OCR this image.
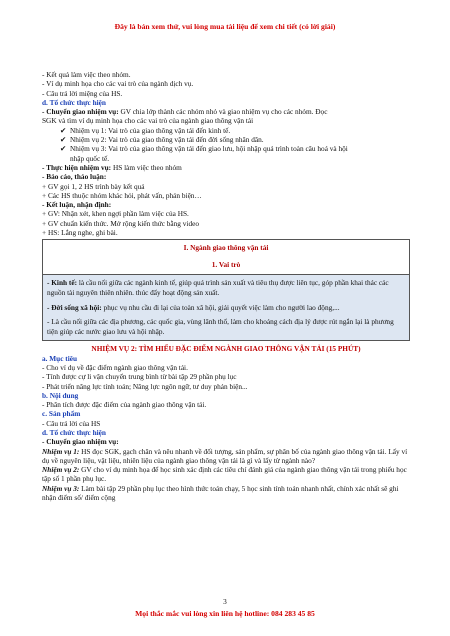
Đây là bản xem thử, vui lòng mua tài liệu để xem chi tiết (có lời giải)
- Kết quả làm việc theo nhóm.
- Ví dụ minh họa cho các vai trò của ngành dịch vụ.
- Câu trả lời miệng của HS.
d. Tổ chức thực hiện
- Chuyển giao nhiệm vụ: GV chia lớp thành các nhóm nhỏ và giao nhiệm vụ cho các nhóm. Đọc
SGK và tìm ví dụ minh họa cho các vai trò của ngành giao thông vận tải
✔ Nhiệm vụ 1: Vai trò của giao thông vận tải đến kinh tế.
✔ Nhiệm vụ 2: Vai trò của giao thông vận tải đến đời sống nhân dân.
✔ Nhiệm vụ 3: Vai trò của giao thông vận tải đến giao lưu, hội nhập quả trình toàn câu hoá và hội
nhập quốc tế.
- Thực hiện nhiệm vụ: HS làm việc theo nhóm
- Báo cáo, thảo luận:
+ GV gọi 1, 2 HS trình bày kết quả
+ Các HS thuộc nhóm khác hỏi, phát vấn, phản biện…
- Kết luận, nhận định:
+ GV: Nhận xét, khen ngợi phần làm việc của HS.
+ GV chuẩn kiến thức. Mở rộng kiến thức bằng video
+ HS: Lắng nghe, ghi bài.
I. Ngành giao thông vận tải
1. Vai trò

- Kinh tế: là cầu nối giữa các ngành kinh tế, giúp quá trình sản xuất và tiêu thụ được liên tục, góp phần khai thác các nguồn tài nguyên thiên nhiên. thúc đẩy hoạt động sản xuất.

- Đời sống xã hội: phục vụ nhu cầu đi lại của toàn xã hội, giải quyết việc làm cho người lao động,...

- Là cầu nối giữa các địa phương, các quốc gia, vùng lãnh thổ, làm cho khoảng cách địa lý được rút ngắn lại là phương tiện giúp các nước giao lưu và hội nhập.

NHIỆM VỤ 2: TÌM HIỂU ĐẶC ĐIỂM NGÀNH GIAO THÔNG VẬN TẢI (15 PHÚT)
a. Mục tiêu
- Cho ví dụ về đặc điểm ngành giao thông vận tải.
- Tính được cự li vận chuyển trung bình từ bài tập 29 phần phụ lục
- Phát triển năng lực tính toán; Năng lực ngôn ngữ, tư duy phản biện...
b. Nội dung
- Phân tích được đặc điểm của ngành giao thông vận tải.
c. Sản phẩm
- Câu trả lời của HS
d. Tổ chức thực hiện
- Chuyển giao nhiệm vụ:
Nhiệm vụ 1: HS đọc SGK, gạch chân và nêu nhanh về đối tượng, sản phẩm, sự phân bố của ngành giao thông vận tải. Lấy ví dụ về nguyên liệu, vật liệu, nhiên liệu của ngành giao thông vận tải là gì và lấy từ ngành nào?
Nhiệm vụ 2: GV cho ví dụ minh họa để học sinh xác định các tiêu chí đánh giá của ngành giao thông vận tải trong phiếu học tập số 1 phần phụ lục.
Nhiệm vụ 3: Làm bài tập 29 phần phụ lục theo hình thức toán chạy, 5 học sinh tính toán nhanh nhất, chính xác nhất sẽ ghi nhận điểm số/ điểm cộng
3
Mọi thắc mắc vui lòng xin liên hệ hotline: 084 283 45 85
